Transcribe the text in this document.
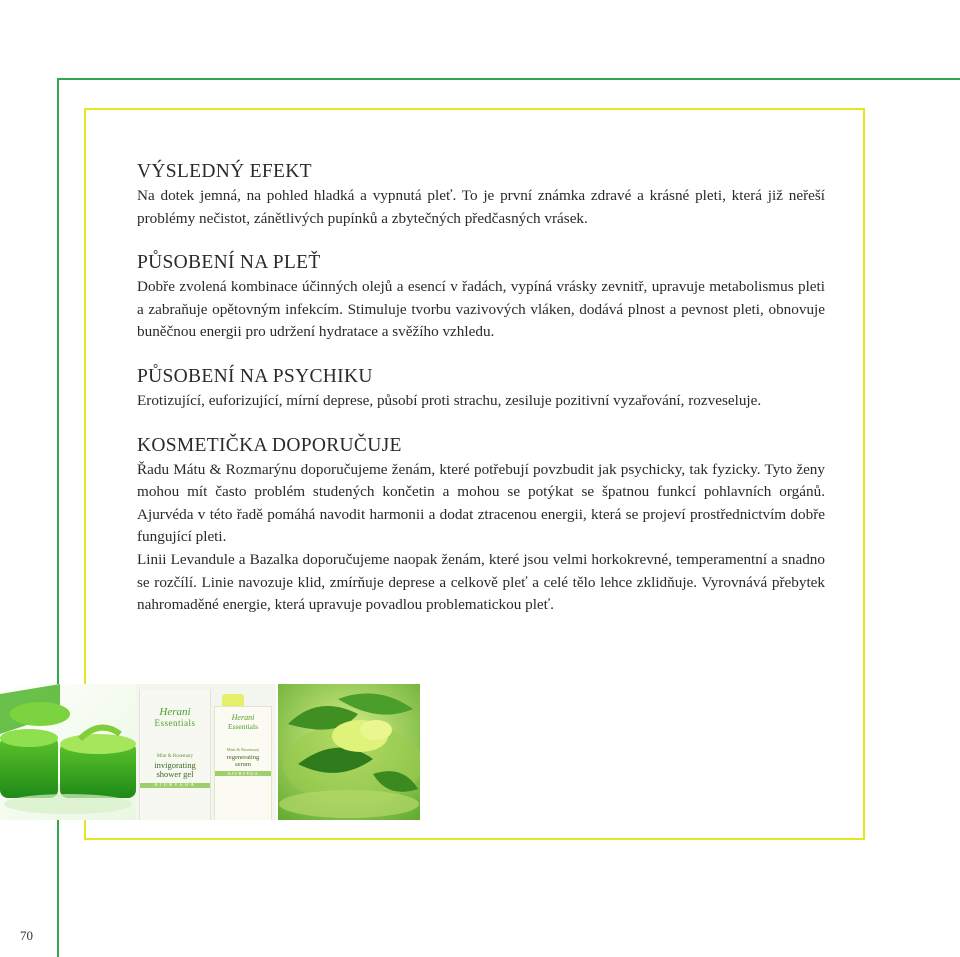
VÝSLEDNÝ EFEKT

Na dotek jemná, na pohled hladká a vypnutá pleť. To je první známka zdravé a krásné pleti, která již neřeší problémy nečistot, zánětlivých pupínků a zbytečných předčasných vrásek.

PŮSOBENÍ NA PLEŤ

Dobře zvolená kombinace účinných olejů a esencí v řadách, vypíná vrásky zevnitř, upravuje metabolismus pleti a zabraňuje opětovným infekcím. Stimuluje tvorbu vazivových vláken, dodává plnost a pevnost pleti, obnovuje buněčnou energii pro udržení hydratace a svěžího vzhledu.

PŮSOBENÍ NA PSYCHIKU

Erotizující, euforizující, mírní deprese, působí proti strachu, zesiluje pozitivní vyzařování, rozveseluje.

KOSMETIČKA DOPORUČUJE

Řadu Mátu & Rozmarýnu doporučujeme ženám, které potřebují povzbudit jak psychicky, tak fyzicky. Tyto ženy mohou mít často problém studených končetin a mohou se potýkat se špatnou funkcí pohlavních orgánů. Ajurvéda v této řadě pomáhá navodit harmonii a dodat ztracenou energii, která se projeví prostřednictvím dobře fungující pleti.

Linii Levandule a Bazalka doporučujeme naopak ženám, které jsou velmi horkokrevné, temperamentní a snadno se rozčílí. Linie navozuje klid, zmírňuje deprese a celkově pleť a celé tělo lehce zklidňuje. Vyrovnává přebytek nahromaděné energie, která upravuje povadlou problematickou pleť.

Herani
Essentials
Mint & Rosemary
invigorating shower gel
AJURVÉDA
Herani
Essentials
Mint & Rosemary
regenerating serum
AJURVÉDA
70
